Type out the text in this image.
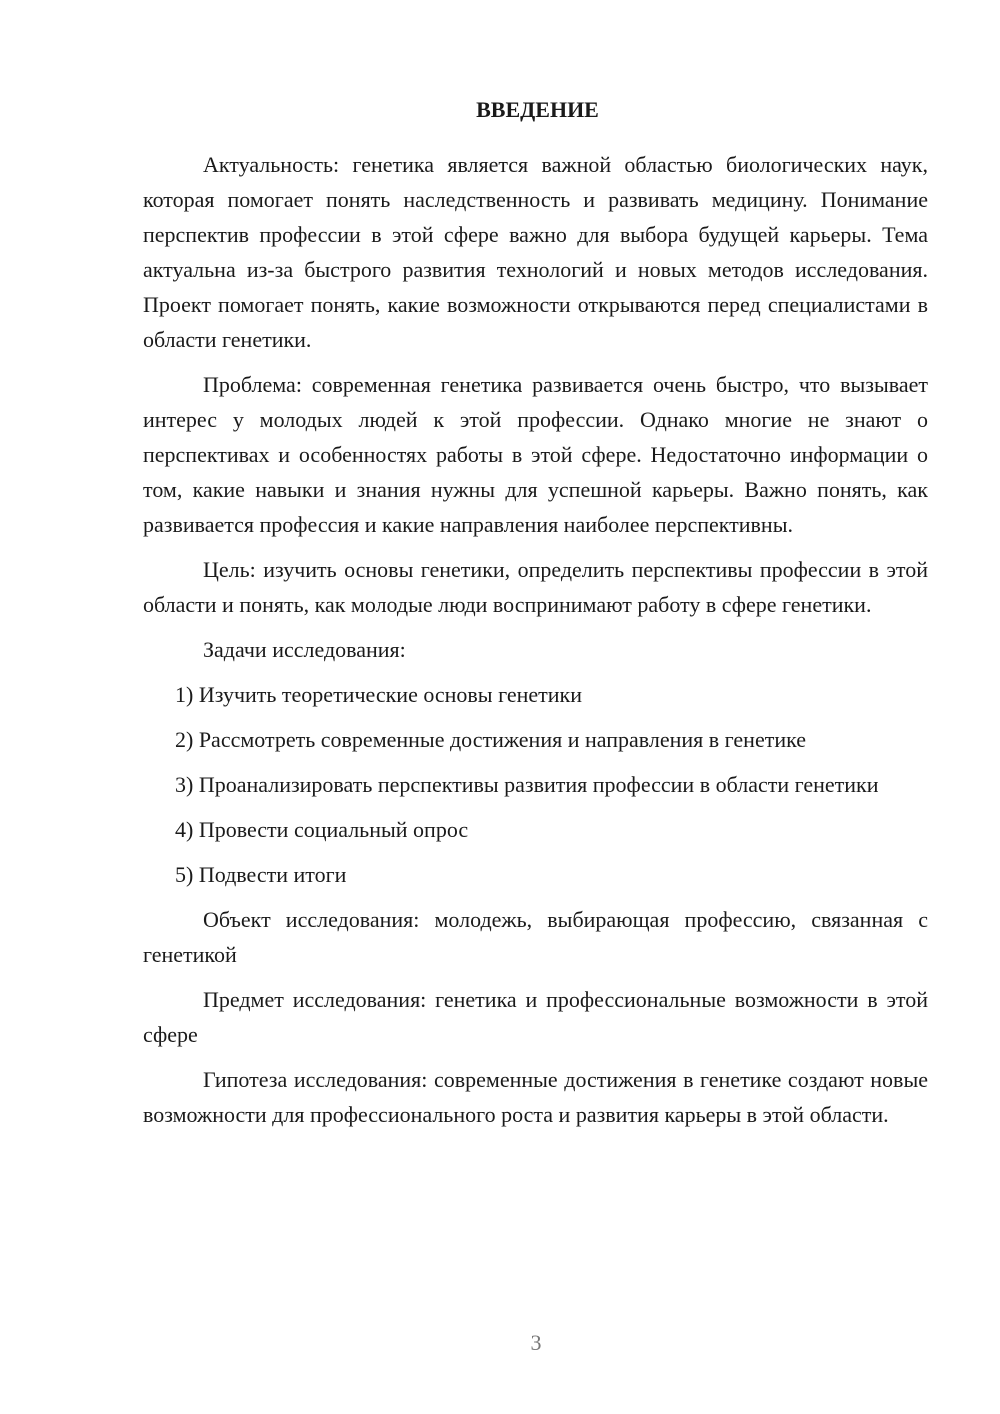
ВВЕДЕНИЕ

Актуальность: генетика является важной областью биологических наук, которая помогает понять наследственность и развивать медицину. Понимание перспектив профессии в этой сфере важно для выбора будущей карьеры. Тема актуальна из-за быстрого развития технологий и новых методов исследования. Проект помогает понять, какие возможности открываются перед специалистами в области генетики.

Проблема: современная генетика развивается очень быстро, что вызывает интерес у молодых людей к этой профессии. Однако многие не знают о перспективах и особенностях работы в этой сфере. Недостаточно информации о том, какие навыки и знания нужны для успешной карьеры. Важно понять, как развивается профессия и какие направления наиболее перспективны.

Цель: изучить основы генетики, определить перспективы профессии в этой области и понять, как молодые люди воспринимают работу в сфере генетики.

Задачи исследования:

1) Изучить теоретические основы генетики

2) Рассмотреть современные достижения и направления в генетике

3) Проанализировать перспективы развития профессии в области генетики

4) Провести социальный опрос

5) Подвести итоги

Объект исследования: молодежь, выбирающая профессию, связанная с генетикой

Предмет исследования: генетика и профессиональные возможности в этой сфере

Гипотеза исследования: современные достижения в генетике создают новые возможности для профессионального роста и развития карьеры в этой области.

3
